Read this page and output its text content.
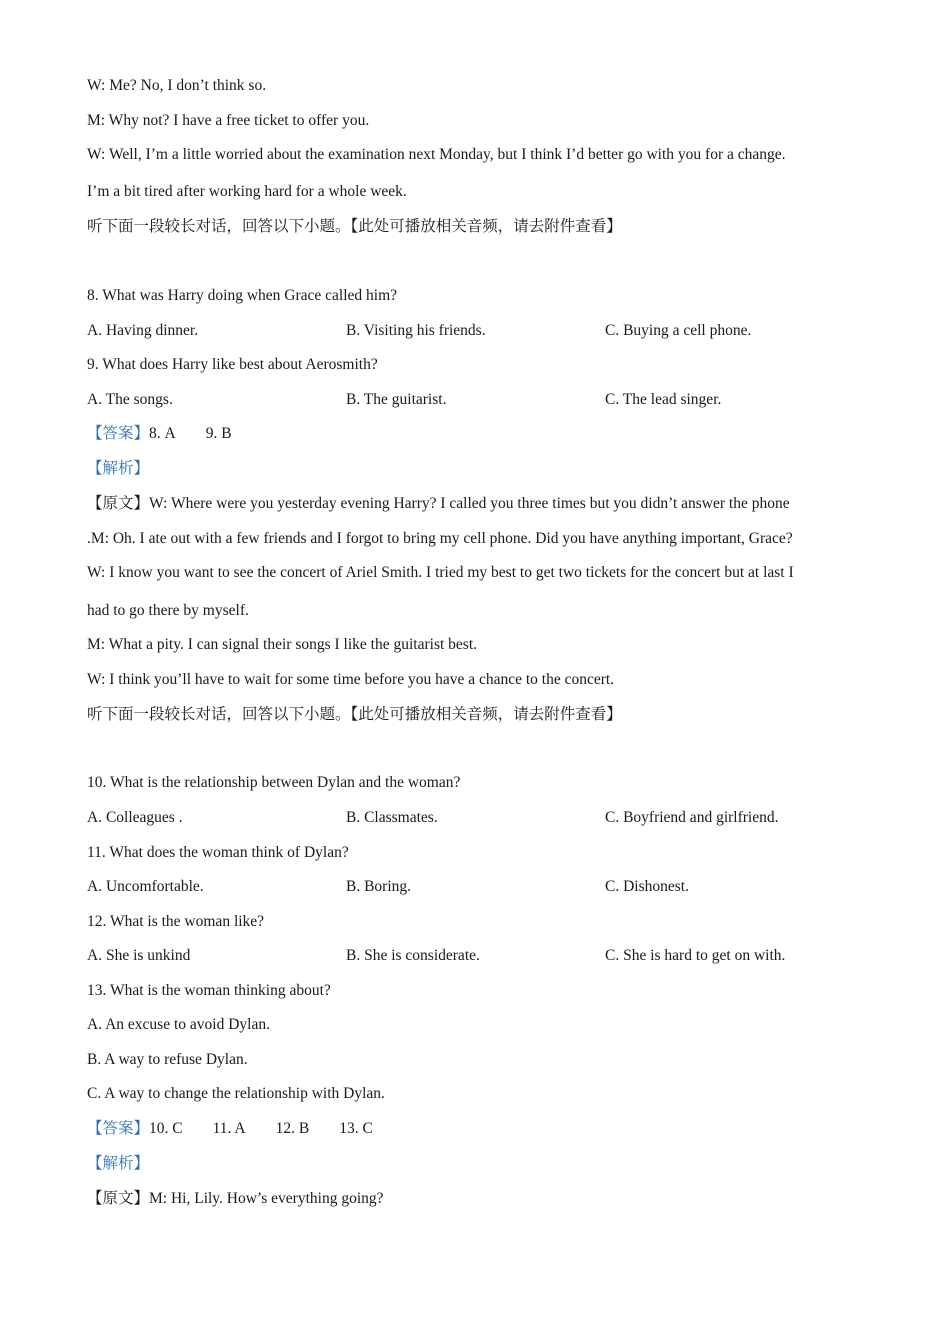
W: Me? No, I don’t think so.
M: Why not? I have a free ticket to offer you.
W: Well, I’m a little worried about the examination next Monday, but I think I’d better go with you for a change.
I’m a bit tired after working hard for a whole week.
听下面一段较长对话，回答以下小题。【此处可播放相关音频，请去附件查看】
8. What was Harry doing when Grace called him?
A. Having dinner.	B. Visiting his friends.	C. Buying a cell phone.
9. What does Harry like best about Aerosmith?
A. The songs.	B. The guitarist.	C. The lead singer.
【答案】8. A 9. B
【解析】
【原文】W: Where were you yesterday evening Harry? I called you three times but you didn’t answer the phone
.M: Oh. I ate out with a few friends and I forgot to bring my cell phone. Did you have anything important, Grace?
W: I know you want to see the concert of Ariel Smith. I tried my best to get two tickets for the concert but at last I
had to go there by myself.
M: What a pity. I can signal their songs I like the guitarist best.
W: I think you’ll have to wait for some time before you have a chance to the concert.
听下面一段较长对话，回答以下小题。【此处可播放相关音频，请去附件查看】
10. What is the relationship between Dylan and the woman?
A. Colleagues .	B. Classmates.	C. Boyfriend and girlfriend.
11. What does the woman think of Dylan?
A. Uncomfortable.	B. Boring.	C. Dishonest.
12. What is the woman like?
A. She is unkind	B. She is considerate.	C. She is hard to get on with.
13. What is the woman thinking about?
A. An excuse to avoid Dylan.
B. A way to refuse Dylan.
C. A way to change the relationship with Dylan.
【答案】10. C 11. A 12. B 13. C
【解析】
【原文】M: Hi, Lily. How’s everything going?
